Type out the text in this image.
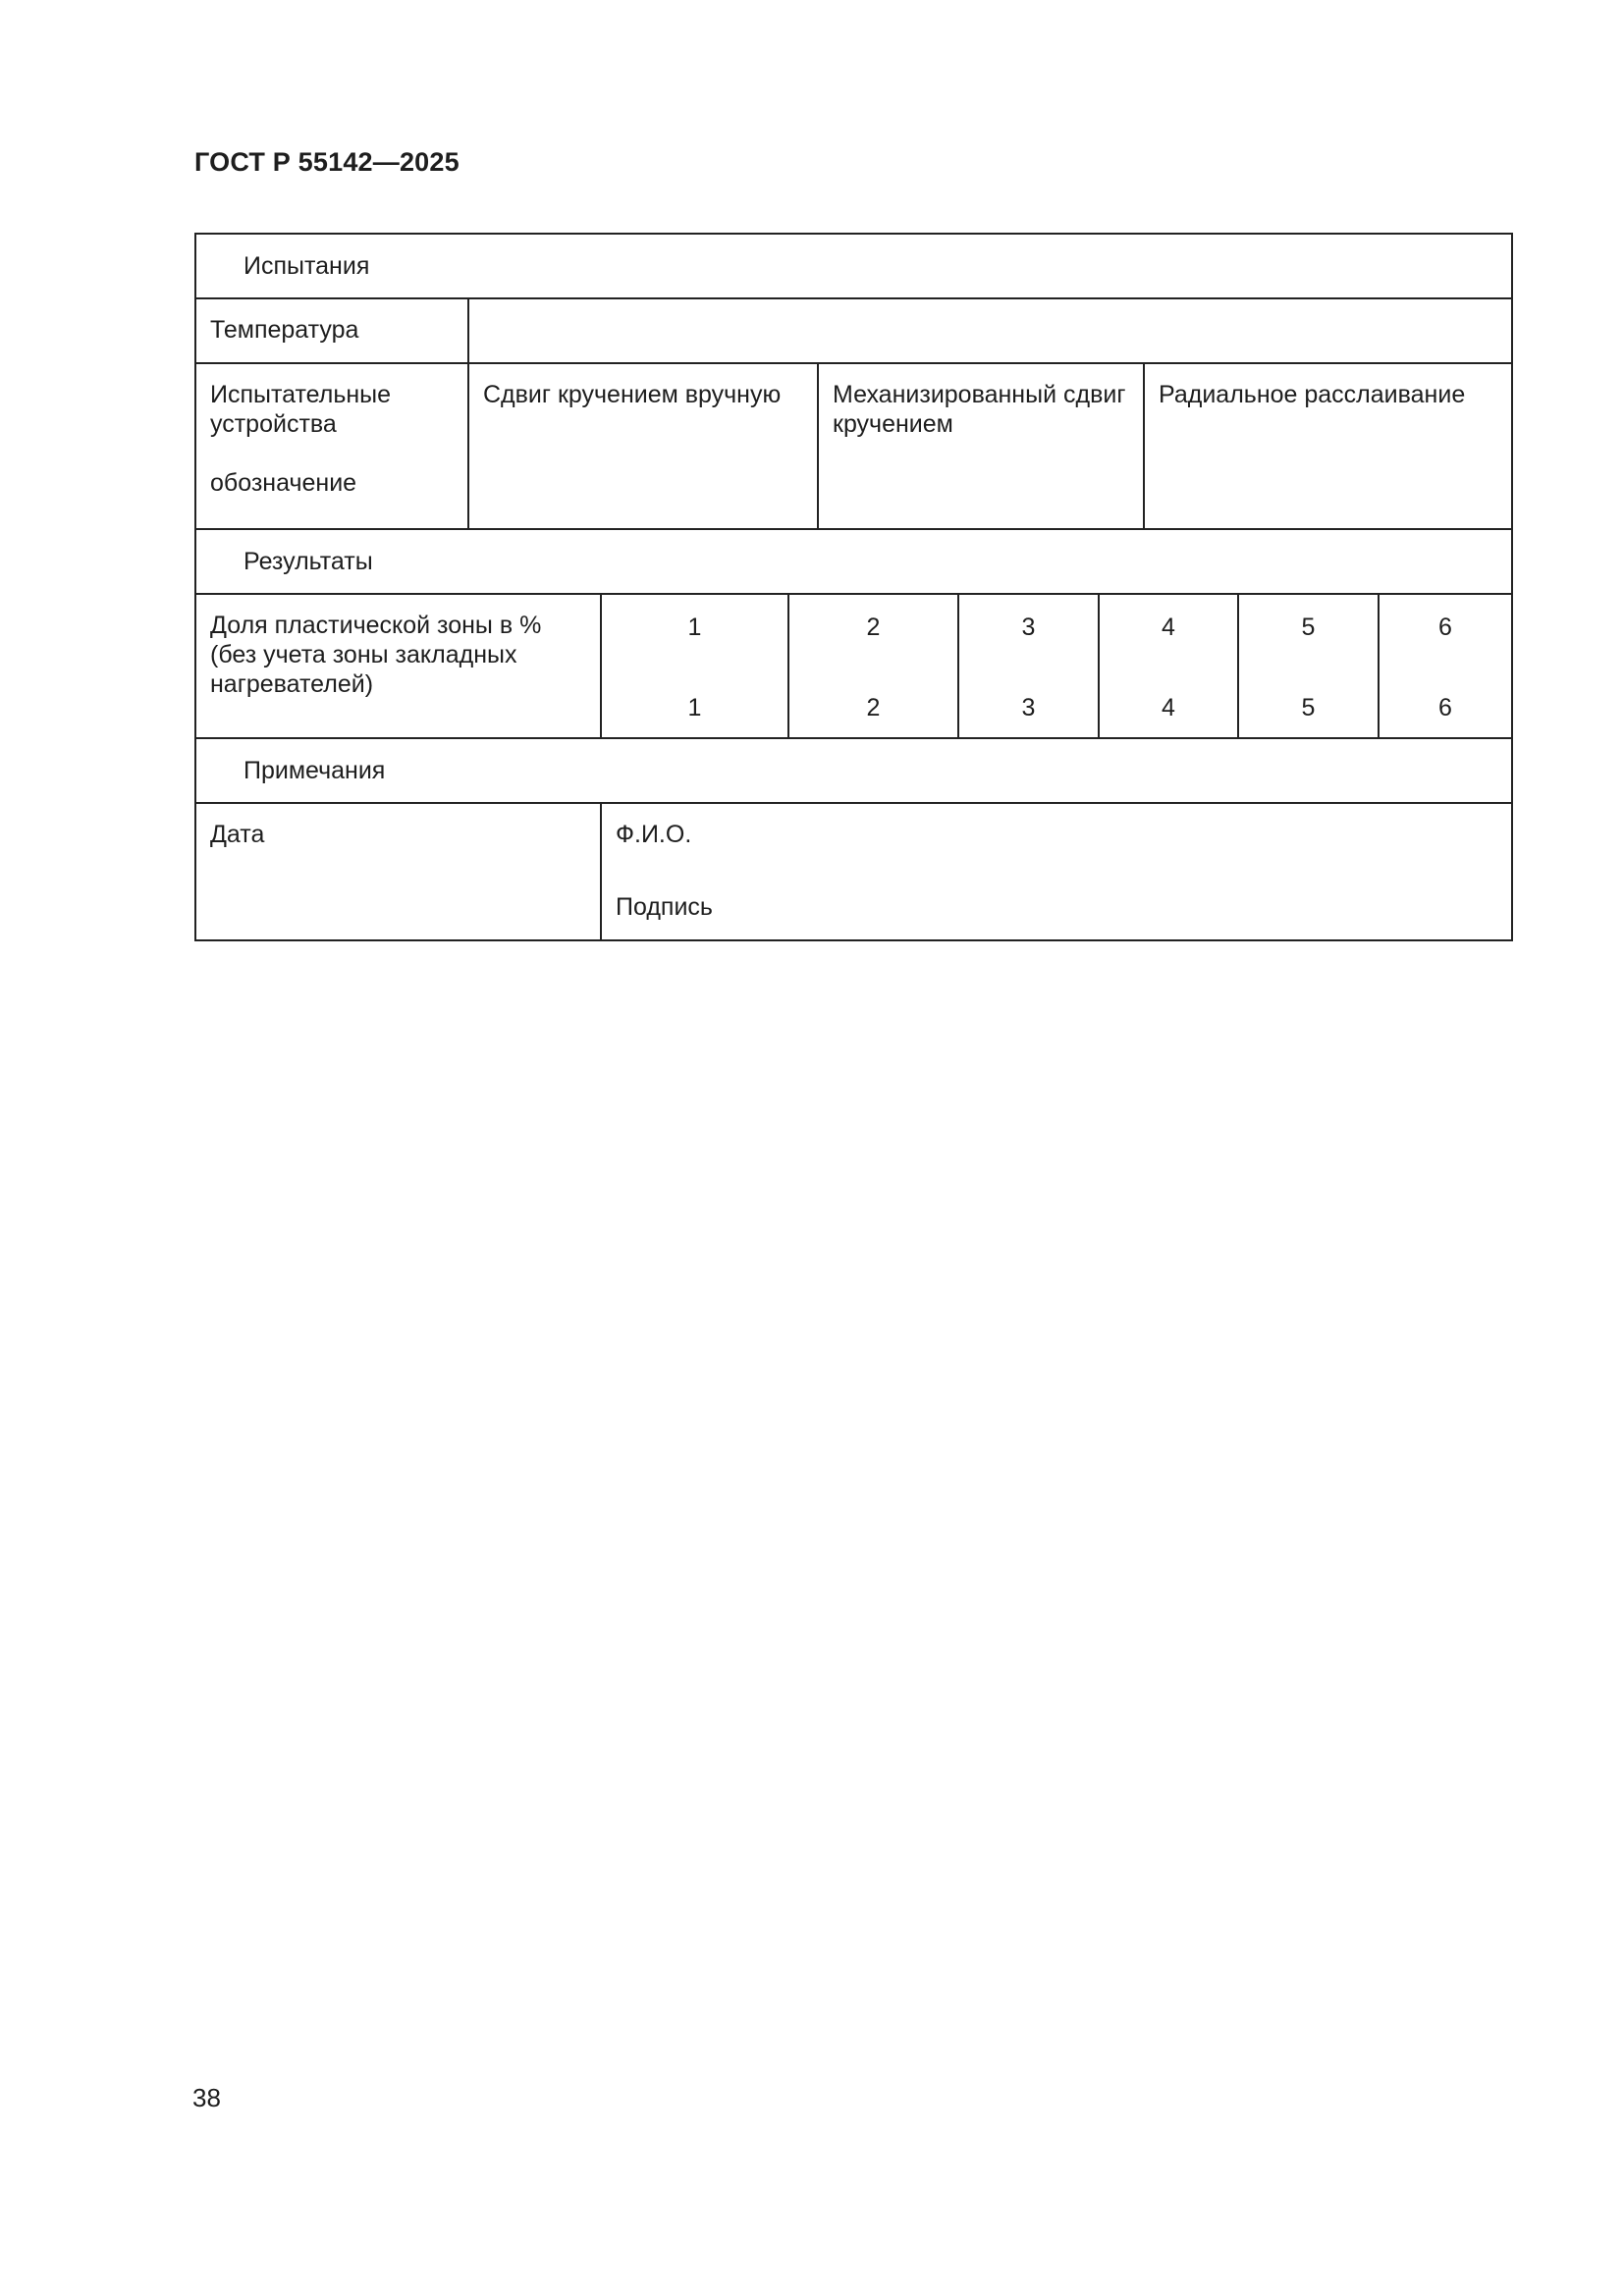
ГОСТ Р 55142—2025
Испытания
Температура
Испытательные
устройства
обозначение
Сдвиг кручением вручную	Механизированный сдвиг
кручением
Радиальное расслаивание
Результаты
Доля пластической зоны в %
(без учета зоны закладных
нагревателей)
1
1
2
2
3
3
4
4
5
5
6
6
Примечания
Дата	Ф.И.О.
Подпись
38
